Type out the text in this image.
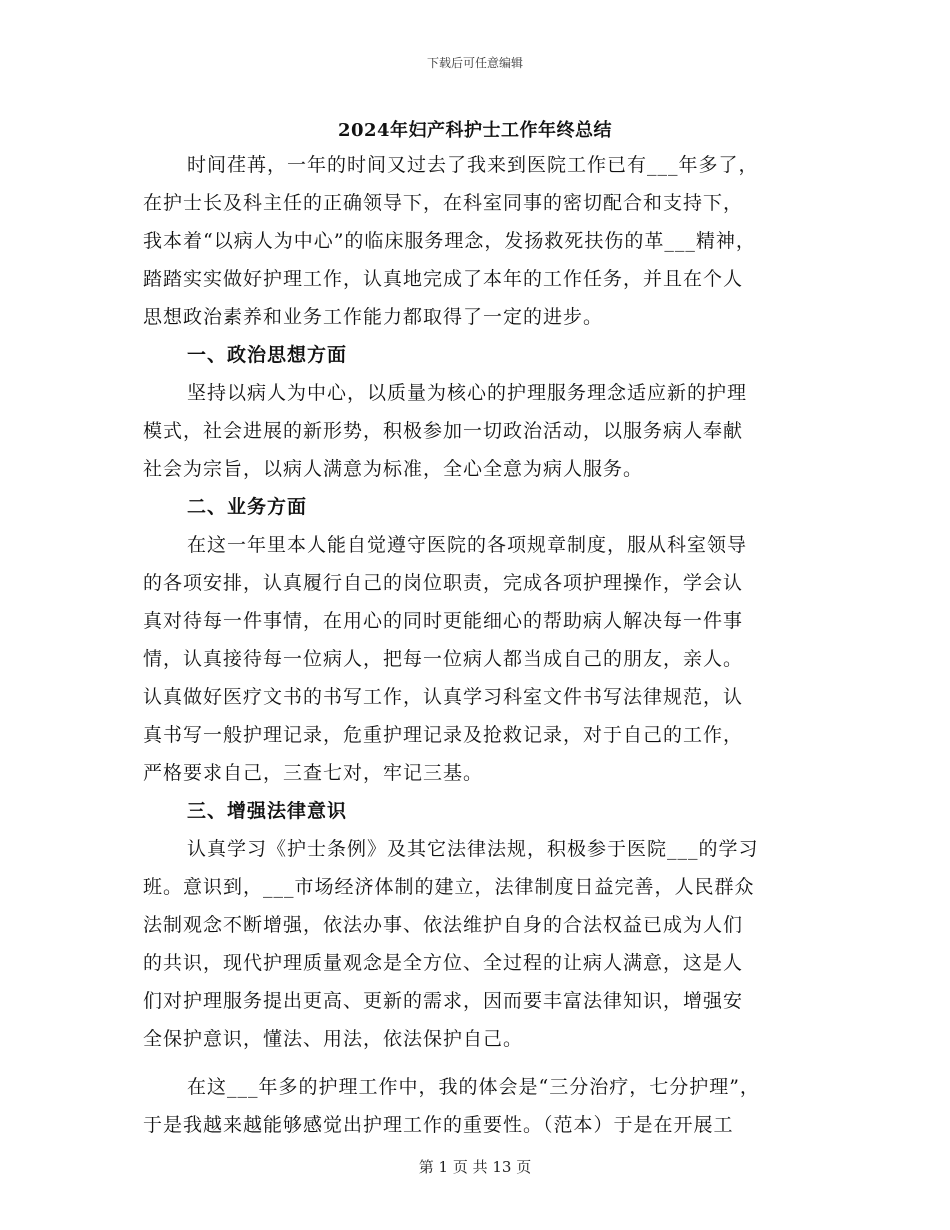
下载后可任意编辑
2024年妇产科护士工作年终总结
时间荏苒，一年的时间又过去了我来到医院工作已有___年多了，
在护士长及科主任的正确领导下，在科室同事的密切配合和支持下，
我本着“以病人为中心”的临床服务理念，发扬救死扶伤的革___精神，
踏踏实实做好护理工作，认真地完成了本年的工作任务，并且在个人
思想政治素养和业务工作能力都取得了一定的进步。
一、政治思想方面
坚持以病人为中心，以质量为核心的护理服务理念适应新的护理
模式，社会进展的新形势，积极参加一切政治活动，以服务病人奉献
社会为宗旨，以病人满意为标准，全心全意为病人服务。
二、业务方面
在这一年里本人能自觉遵守医院的各项规章制度，服从科室领导
的各项安排，认真履行自己的岗位职责，完成各项护理操作，学会认
真对待每一件事情，在用心的同时更能细心的帮助病人解决每一件事
情，认真接待每一位病人，把每一位病人都当成自己的朋友，亲人。
认真做好医疗文书的书写工作，认真学习科室文件书写法律规范，认
真书写一般护理记录，危重护理记录及抢救记录，对于自己的工作，
严格要求自己，三查七对，牢记三基。
三、增强法律意识
认真学习《护士条例》及其它法律法规，积极参于医院___的学习
班。意识到，___市场经济体制的建立，法律制度日益完善，人民群众
法制观念不断增强，依法办事、依法维护自身的合法权益已成为人们
的共识，现代护理质量观念是全方位、全过程的让病人满意，这是人
们对护理服务提出更高、更新的需求，因而要丰富法律知识，增强安
全保护意识，懂法、用法，依法保护自己。
在这___年多的护理工作中，我的体会是“三分治疗，七分护理”，
于是我越来越能够感觉出护理工作的重要性。（范本）于是在开展工
第 1 页 共 13 页
